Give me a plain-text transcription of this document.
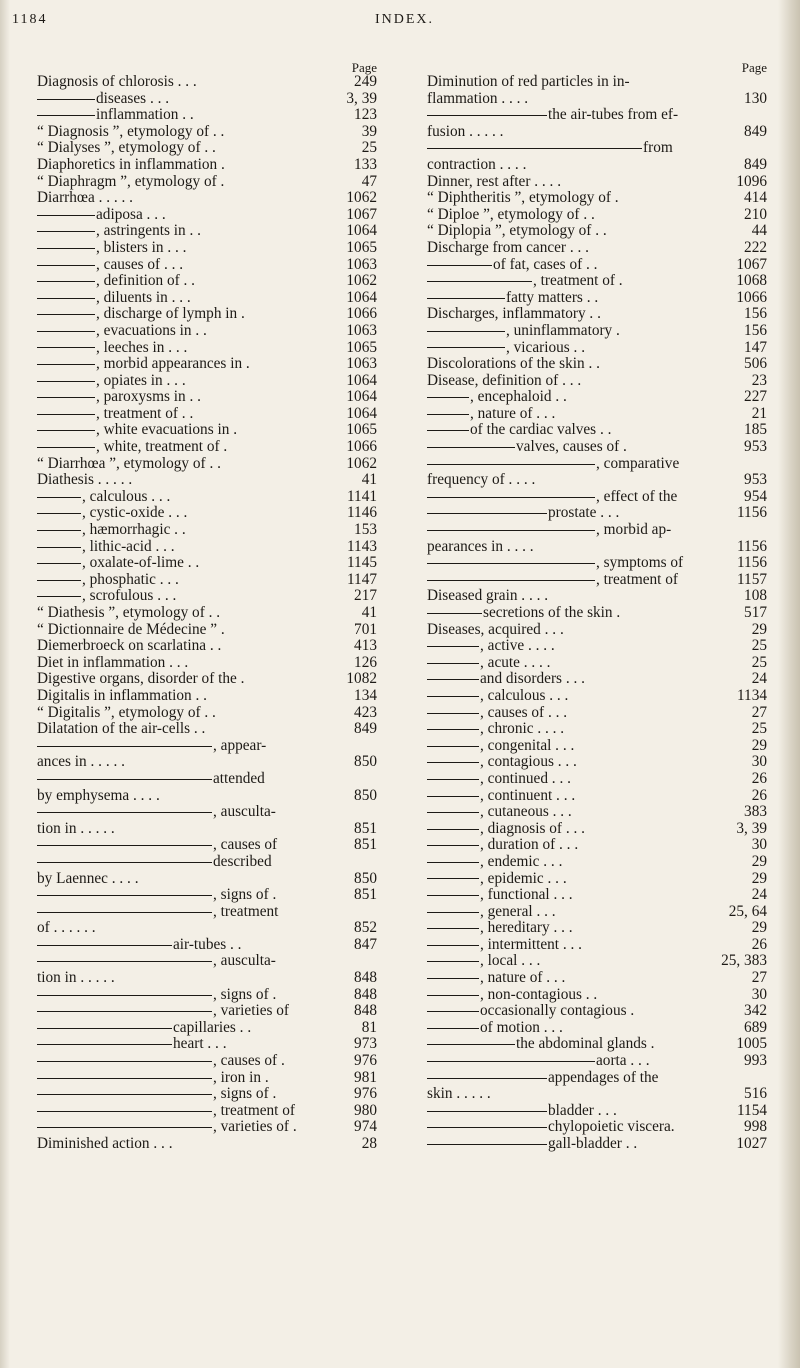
1184	INDEX.
Page
Diagnosis of chlorosis . . .	249
diseases . . .	3, 39
inflammation . .	123
“ Diagnosis ”, etymology of . .	39
“ Dialyses ”, etymology of . .	25
Diaphoretics in inflammation .	133
“ Diaphragm ”, etymology of .	47
Diarrhœa . . . . .	1062
adiposa . . .	1067
, astringents in . .	1064
, blisters in . . .	1065
, causes of . . .	1063
, definition of . .	1062
, diluents in . . .	1064
, discharge of lymph in .	1066
, evacuations in . .	1063
, leeches in . . .	1065
, morbid appearances in .	1063
, opiates in . . .	1064
, paroxysms in . .	1064
, treatment of . .	1064
, white evacuations in .	1065
, white, treatment of .	1066
“ Diarrhœa ”, etymology of . .	1062
Diathesis . . . . .	41
, calculous . . .	1141
, cystic-oxide . . .	1146
, hæmorrhagic . .	153
, lithic-acid . . .	1143
, oxalate-of-lime . .	1145
, phosphatic . . .	1147
, scrofulous . . .	217
“ Diathesis ”, etymology of . .	41
“ Dictionnaire de Médecine ” .	701
Diemerbroeck on scarlatina . .	413
Diet in inflammation . . .	126
Digestive organs, disorder of the .	1082
Digitalis in inflammation . .	134
“ Digitalis ”, etymology of . .	423
Dilatation of the air-cells . .	849
, appear-
ances in . . . . .	850
attended
by emphysema . . . .	850
, ausculta-
tion in . . . . .	851
, causes of	851
described
by Laennec . . . .	850
, signs of .	851
, treatment
of . . . . . .	852
air-tubes . .	847
, ausculta-
tion in . . . . .	848
, signs of .	848
, varieties of	848
capillaries . .	81
heart . . .	973
, causes of .	976
, iron in .	981
, signs of .	976
, treatment of	980
, varieties of .	974
Diminished action . . .	28
Page
Diminution of red particles in in-
flammation . . . .	130
the air-tubes from ef-
fusion . . . . .	849
from
contraction . . . .	849
Dinner, rest after . . . .	1096
“ Diphtheritis ”, etymology of .	414
“ Diploe ”, etymology of . .	210
“ Diplopia ”, etymology of . .	44
Discharge from cancer . . .	222
of fat, cases of . .	1067
, treatment of .	1068
fatty matters . .	1066
Discharges, inflammatory . .	156
, uninflammatory .	156
, vicarious . .	147
Discolorations of the skin . .	506
Disease, definition of . . .	23
, encephaloid . .	227
, nature of . . .	21
of the cardiac valves . .	185
valves, causes of .	953
, comparative
frequency of . . . .	953
, effect of the	954
prostate . . .	1156
, morbid ap-
pearances in . . . .	1156
, symptoms of	1156
, treatment of	1157
Diseased grain . . . .	108
secretions of the skin .	517
Diseases, acquired . . .	29
, active . . . .	25
, acute . . . .	25
and disorders . . .	24
, calculous . . .	1134
, causes of . . .	27
, chronic . . . .	25
, congenital . . .	29
, contagious . . .	30
, continued . . .	26
, continuent . . .	26
, cutaneous . . .	383
, diagnosis of . . .	3, 39
, duration of . . .	30
, endemic . . .	29
, epidemic . . .	29
, functional . . .	24
, general . . .	25, 64
, hereditary . . .	29
, intermittent . . .	26
, local . . .	25, 383
, nature of . . .	27
, non-contagious . .	30
occasionally contagious .	342
of motion . . .	689
the abdominal glands .	1005
aorta . . .	993
appendages of the
skin . . . . .	516
bladder . . .	1154
chylopoietic viscera.	998
gall-bladder . .	1027
